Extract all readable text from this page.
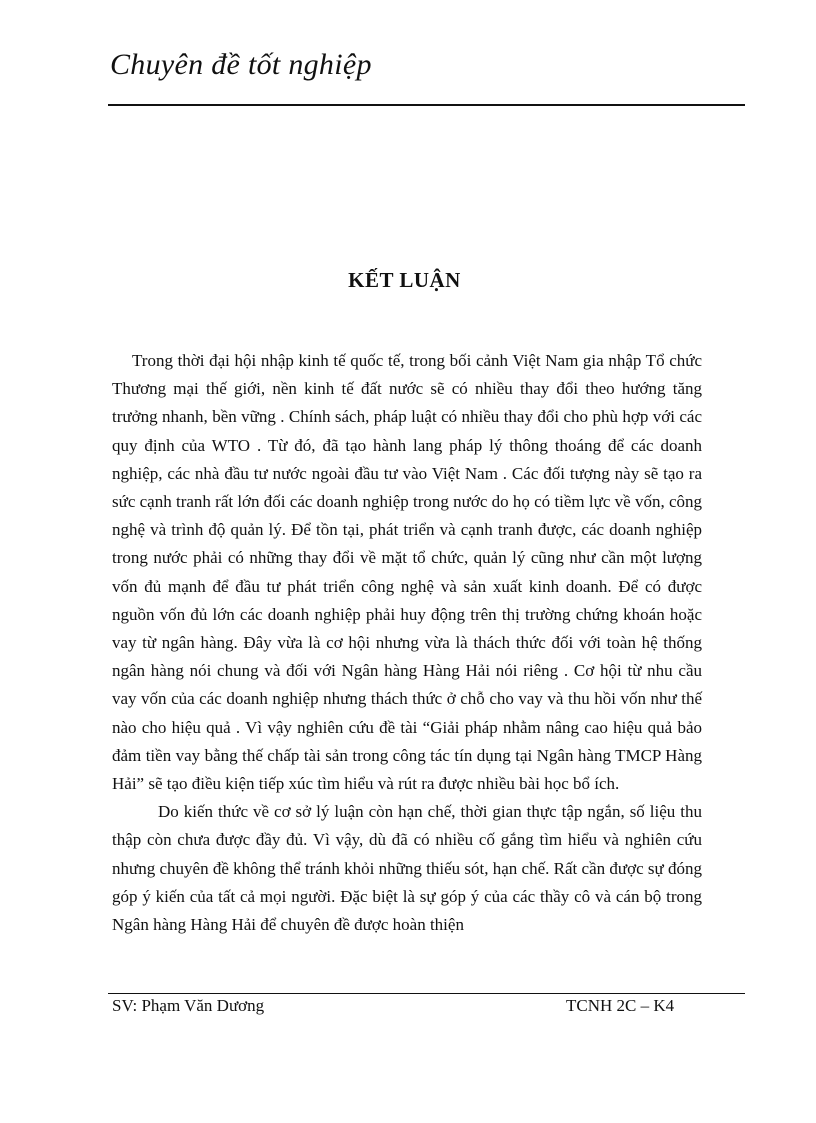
Chuyên đề tốt nghiệp
KẾT LUẬN

Trong thời đại hội nhập kinh tế quốc tế, trong bối cảnh Việt Nam gia nhập Tổ chức Thương mại thế giới, nền kinh tế đất nước sẽ có nhiều thay đổi theo hướng tăng trưởng nhanh, bền vững . Chính sách, pháp luật có nhiều thay đổi cho phù hợp với các quy định của WTO . Từ đó, đã tạo hành lang pháp lý thông thoáng để các doanh nghiệp, các nhà đầu tư nước ngoài đầu tư vào Việt Nam . Các đối tượng này sẽ tạo ra sức cạnh tranh rất lớn đối các doanh nghiệp trong nước do họ có tiềm lực về vốn, công nghệ và trình độ quản lý. Để tồn tại, phát triển và cạnh tranh được, các doanh nghiệp trong nước phải có những thay đổi về mặt tổ chức, quản lý cũng như cần một lượng vốn đủ mạnh để đầu tư phát triển công nghệ và sản xuất kinh doanh. Để có được nguồn vốn đủ lớn các doanh nghiệp phải huy động trên thị trường chứng khoán hoặc vay từ ngân hàng. Đây vừa là cơ hội nhưng vừa là thách thức đối với toàn hệ thống ngân hàng nói chung và đối với Ngân hàng Hàng Hải nói riêng . Cơ hội từ nhu cầu vay vốn của các doanh nghiệp nhưng thách thức ở chỗ cho vay và thu hồi vốn như thế nào cho hiệu quả . Vì vậy nghiên cứu đề tài “Giải pháp nhằm nâng cao hiệu quả bảo đảm tiền vay bằng thế chấp tài sản trong công tác tín dụng tại Ngân hàng TMCP Hàng Hải” sẽ tạo điều kiện tiếp xúc tìm hiểu và rút ra được nhiều bài học bổ ích.

Do kiến thức về cơ sở lý luận còn hạn chế, thời gian thực tập ngắn, số liệu thu thập còn chưa được đầy đủ. Vì vậy, dù đã có nhiều cố gắng tìm hiểu và nghiên cứu nhưng chuyên đề không thể tránh khỏi những thiếu sót, hạn chế. Rất cần được sự đóng góp ý kiến của tất cả mọi người. Đặc biệt là sự góp ý của các thầy cô và cán bộ trong Ngân hàng Hàng Hải để chuyên đề được hoàn thiện

SV: Phạm Văn Dương	TCNH 2C – K4
